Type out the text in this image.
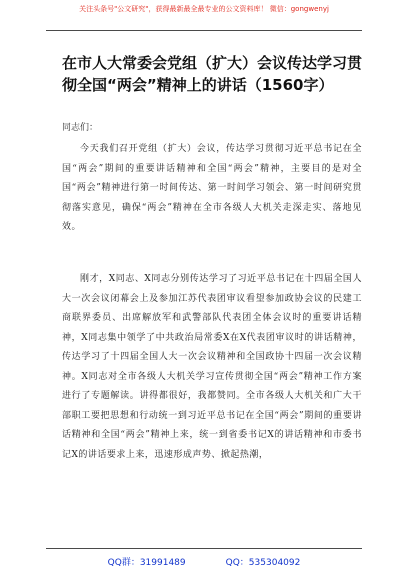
关注头条号"公文研究"，获得最新最全最专业的公文资料库！ 微信：gongwenyj
在市人大常委会党组（扩大）会议传达学习贯彻全国“两会”精神上的讲话（1560字）
同志们：

今天我们召开党组（扩大）会议，传达学习贯彻习近平总书记在全国“两会”期间的重要讲话精神和全国“两会”精神，主要目的是对全国“两会”精神进行第一时间传达、第一时间学习领会、第一时间研究贯彻落实意见，确保“两会”精神在全市各级人大机关走深走实、落地见效。

刚才，X同志、X同志分别传达学习了习近平总书记在十四届全国人大一次会议闭幕会上及参加江苏代表团审议看望参加政协会议的民建工商联界委员、出席解放军和武警部队代表团全体会议时的重要讲话精神，X同志集中领学了中共政治局常委X在X代表团审议时的讲话精神，传达学习了十四届全国人大一次会议精神和全国政协十四届一次会议精神。X同志对全市各级人大机关学习宣传贯彻全国“两会”精神工作方案进行了专题解读。讲得都很好，我都赞同。全市各级人大机关和广大干部职工要把思想和行动统一到习近平总书记在全国“两会”期间的重要讲话精神和全国“两会”精神上来，统一到省委书记X的讲话精神和市委书记X的讲话要求上来，迅速形成声势、掀起热潮，

QQ群：31991489	QQ：535304092
